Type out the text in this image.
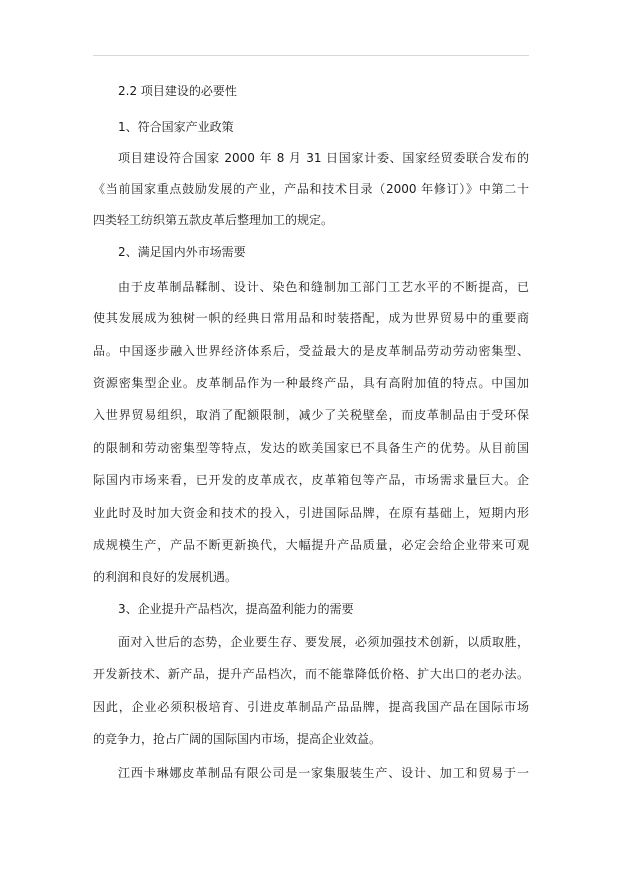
2.2 项目建设的必要性
1、符合国家产业政策
项目建设符合国家 2000 年 8 月 31 日国家计委、国家经贸委联合发布的
《当前国家重点鼓励发展的产业，产品和技术目录（2000 年修订）》中第二十
四类轻工纺织第五款皮革后整理加工的规定。
2、满足国内外市场需要
由于皮革制品鞣制、设计、染色和缝制加工部门工艺水平的不断提高，已
使其发展成为独树一帜的经典日常用品和时装搭配，成为世界贸易中的重要商
品。中国逐步融入世界经济体系后，受益最大的是皮革制品劳动劳动密集型、
资源密集型企业。皮革制品作为一种最终产品，具有高附加值的特点。中国加
入世界贸易组织，取消了配额限制，减少了关税壁垒，而皮革制品由于受环保
的限制和劳动密集型等特点，发达的欧美国家已不具备生产的优势。从目前国
际国内市场来看，已开发的皮革成衣，皮革箱包等产品，市场需求量巨大。企
业此时及时加大资金和技术的投入，引进国际品牌，在原有基础上，短期内形
成规模生产，产品不断更新换代，大幅提升产品质量，必定会给企业带来可观
的利润和良好的发展机遇。
3、企业提升产品档次，提高盈利能力的需要
面对入世后的态势，企业要生存、要发展，必须加强技术创新，以质取胜，
开发新技术、新产品，提升产品档次，而不能靠降低价格、扩大出口的老办法。
因此，企业必须积极培育、引进皮革制品产品品牌，提高我国产品在国际市场
的竞争力，抢占广阔的国际国内市场，提高企业效益。
江西卡琳娜皮革制品有限公司是一家集服装生产、设计、加工和贸易于一
